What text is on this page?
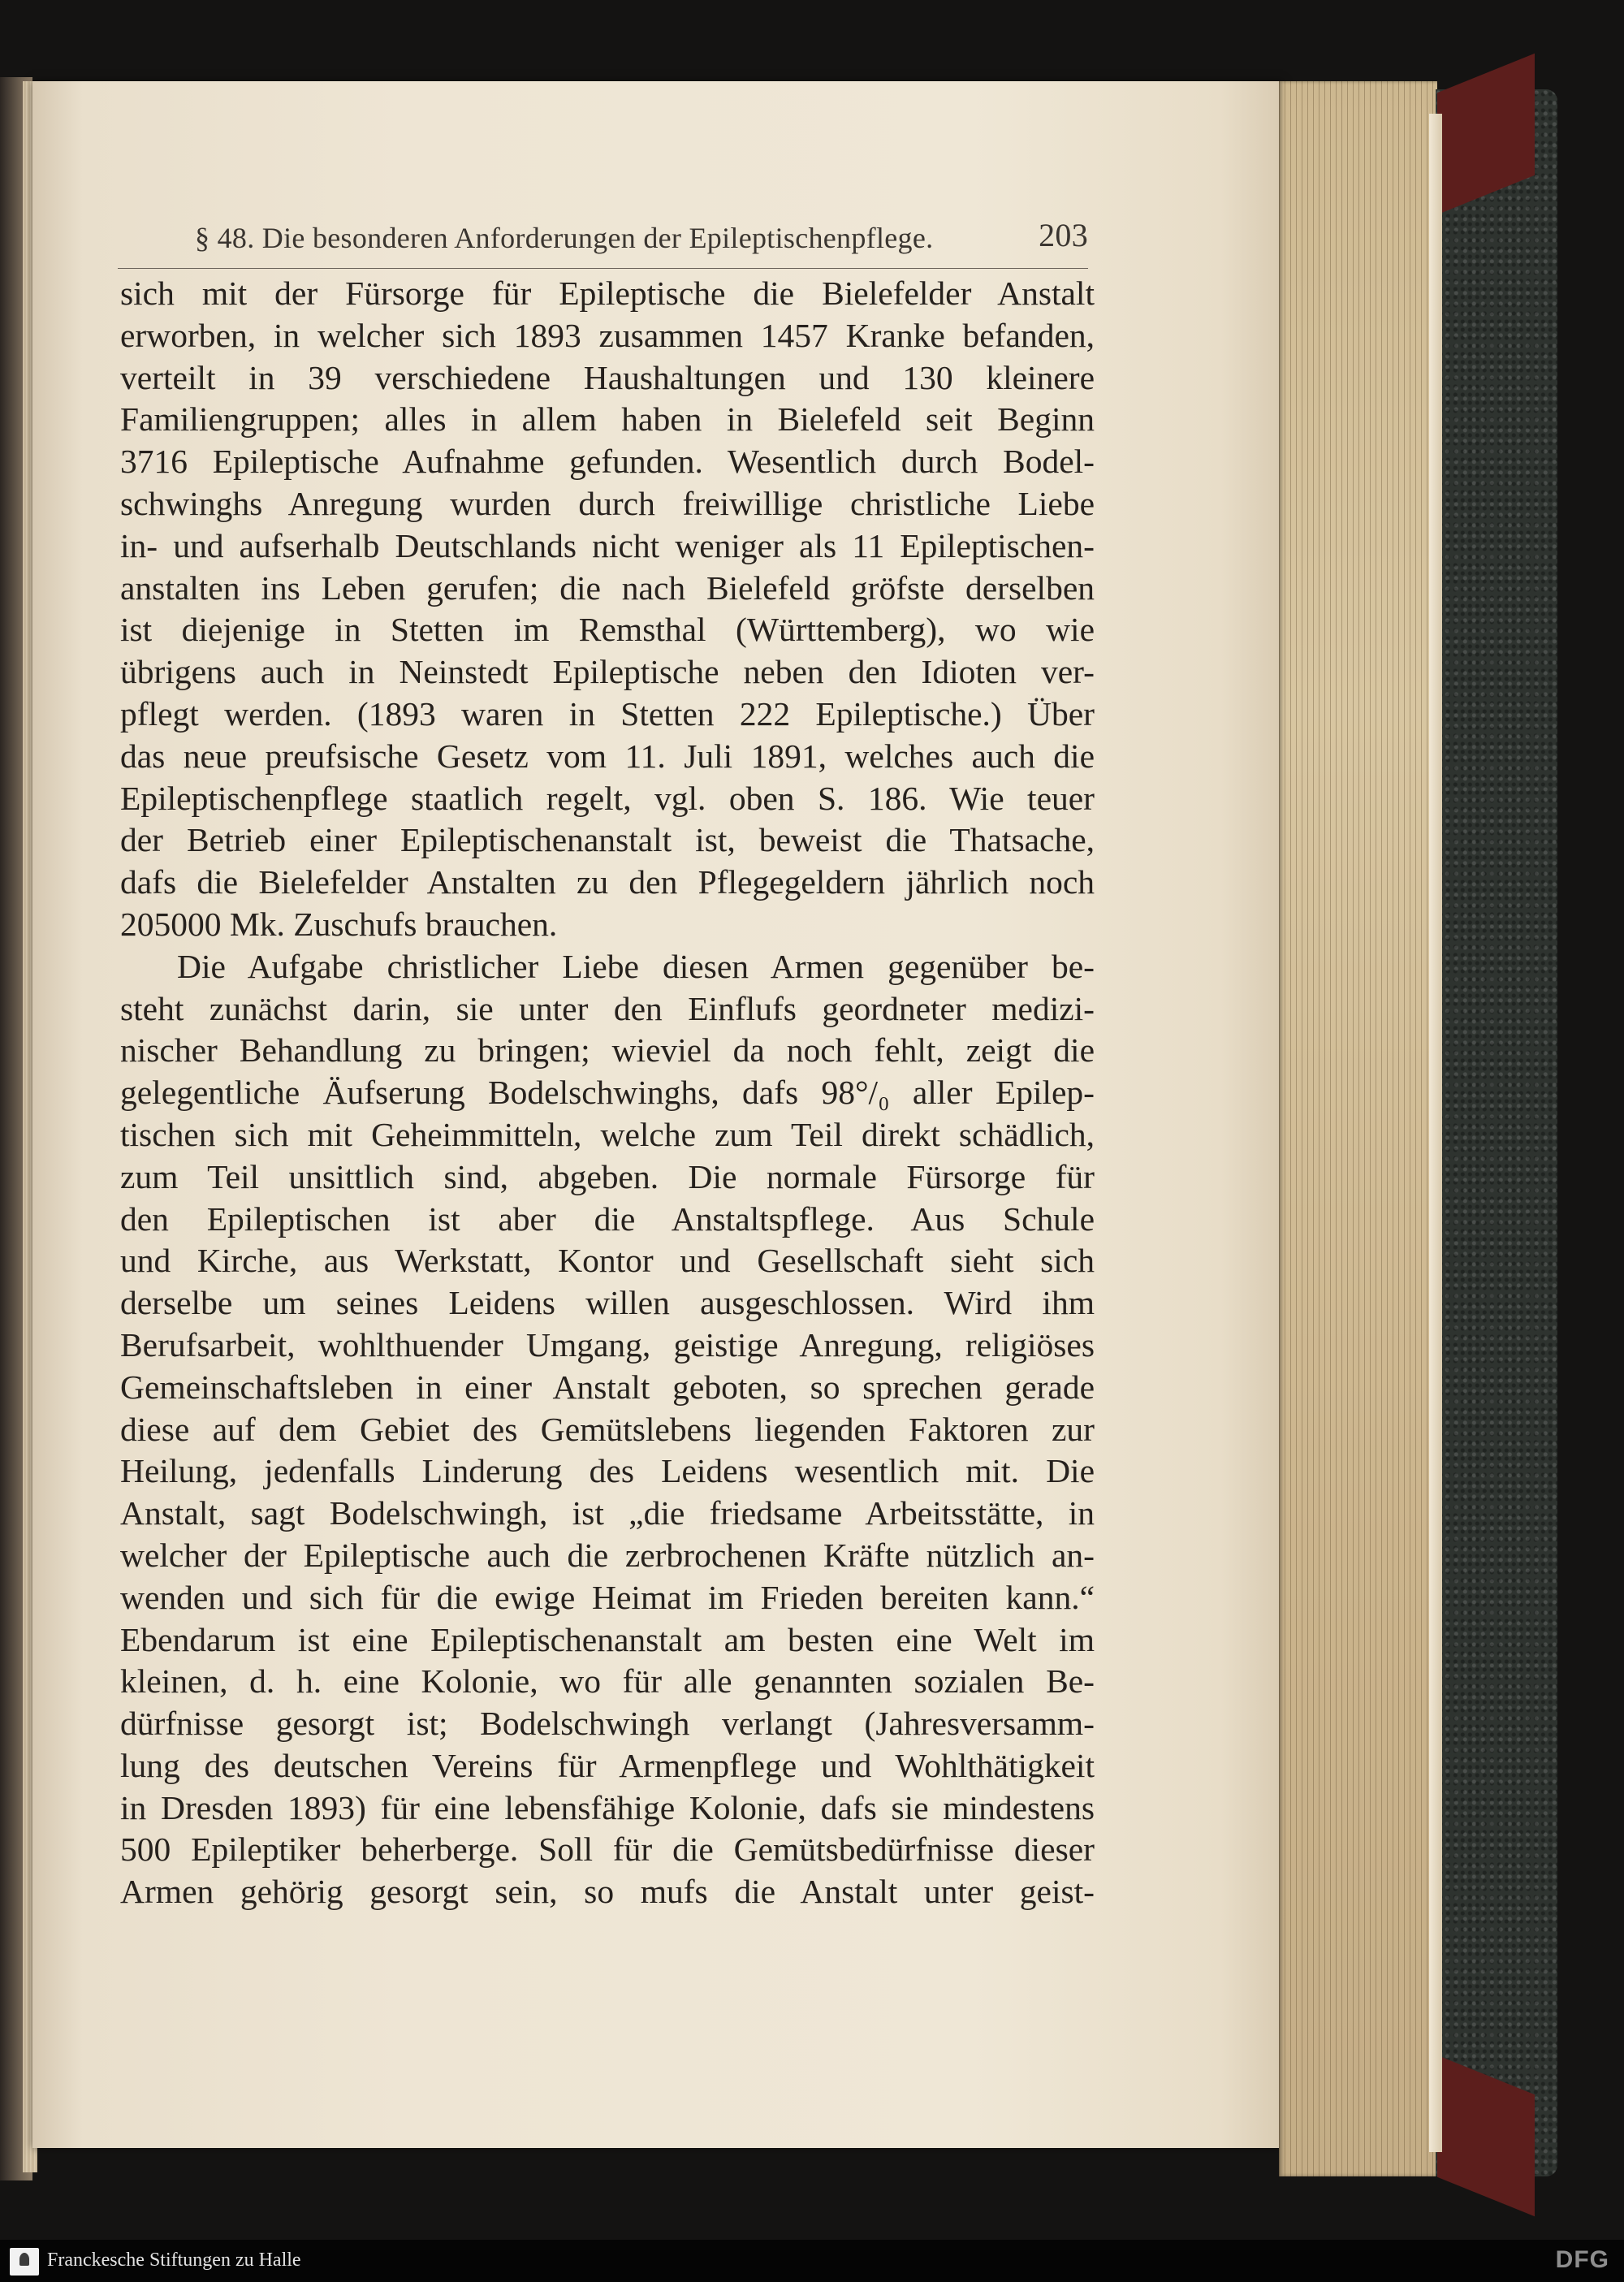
§ 48. Die besonderen Anforderungen der Epileptischenpflege.	203
sich mit der Fürsorge für Epileptische die Bielefelder Anstalt
erworben, in welcher sich 1893 zusammen 1457 Kranke befanden,
verteilt in 39 verschiedene Haushaltungen und 130 kleinere
Familiengruppen; alles in allem haben in Bielefeld seit Beginn
3716 Epileptische Aufnahme gefunden. Wesentlich durch Bodel-
schwinghs Anregung wurden durch freiwillige christliche Liebe
in- und aufserhalb Deutschlands nicht weniger als 11 Epileptischen-
anstalten ins Leben gerufen; die nach Bielefeld gröfste derselben
ist diejenige in Stetten im Remsthal (Württemberg), wo wie
übrigens auch in Neinstedt Epileptische neben den Idioten ver-
pflegt werden. (1893 waren in Stetten 222 Epileptische.) Über
das neue preufsische Gesetz vom 11. Juli 1891, welches auch die
Epileptischenpflege staatlich regelt, vgl. oben S. 186. Wie teuer
der Betrieb einer Epileptischenanstalt ist, beweist die Thatsache,
dafs die Bielefelder Anstalten zu den Pflegegeldern jährlich noch
205000 Mk. Zuschufs brauchen.
Die Aufgabe christlicher Liebe diesen Armen gegenüber be-
steht zunächst darin, sie unter den Einflufs geordneter medizi-
nischer Behandlung zu bringen; wieviel da noch fehlt, zeigt die
gelegentliche Äufserung Bodelschwinghs, dafs 98°/₀ aller Epilep-
tischen sich mit Geheimmitteln, welche zum Teil direkt schädlich,
zum Teil unsittlich sind, abgeben. Die normale Fürsorge für
den Epileptischen ist aber die Anstaltspflege. Aus Schule
und Kirche, aus Werkstatt, Kontor und Gesellschaft sieht sich
derselbe um seines Leidens willen ausgeschlossen. Wird ihm
Berufsarbeit, wohlthuender Umgang, geistige Anregung, religiöses
Gemeinschaftsleben in einer Anstalt geboten, so sprechen gerade
diese auf dem Gebiet des Gemütslebens liegenden Faktoren zur
Heilung, jedenfalls Linderung des Leidens wesentlich mit. Die
Anstalt, sagt Bodelschwingh, ist „die friedsame Arbeitsstätte, in
welcher der Epileptische auch die zerbrochenen Kräfte nützlich an-
wenden und sich für die ewige Heimat im Frieden bereiten kann.“
Ebendarum ist eine Epileptischenanstalt am besten eine Welt im
kleinen, d. h. eine Kolonie, wo für alle genannten sozialen Be-
dürfnisse gesorgt ist; Bodelschwingh verlangt (Jahresversamm-
lung des deutschen Vereins für Armenpflege und Wohlthätigkeit
in Dresden 1893) für eine lebensfähige Kolonie, dafs sie mindestens
500 Epileptiker beherberge. Soll für die Gemütsbedürfnisse dieser
Armen gehörig gesorgt sein, so mufs die Anstalt unter geist-
Franckesche Stiftungen zu Halle	DFG
